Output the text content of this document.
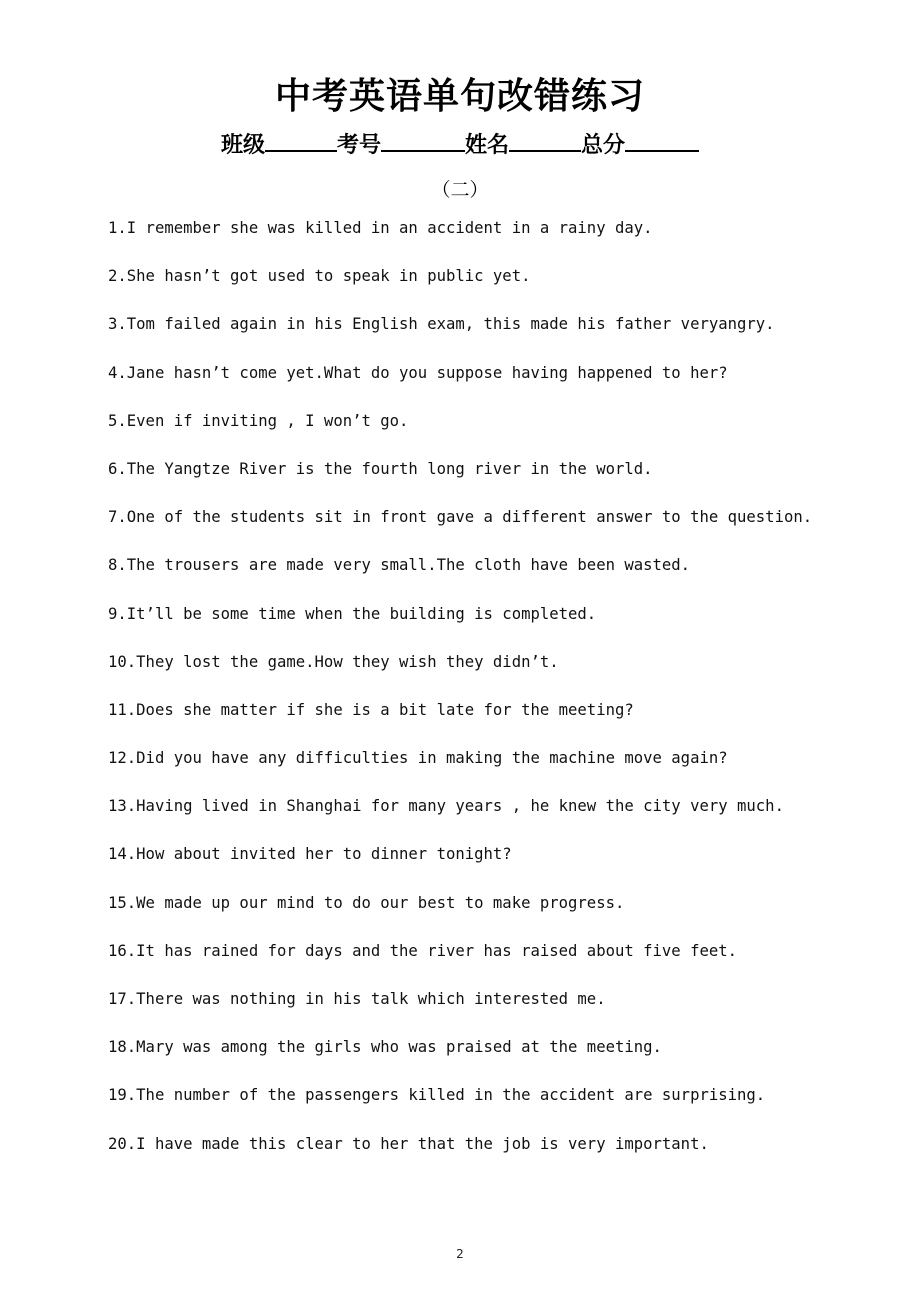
中考英语单句改错练习
班级	考号	姓名	总分
（二）
1.I remember she was killed in an accident in a rainy day.
2.She hasn’t got used to speak in public yet.
3.Tom failed again in his English exam, this made his father veryangry.
4.Jane hasn’t come yet.What do you suppose having happened to her?
5.Even if inviting , I won’t go.
6.The Yangtze River is the fourth long river in the world.
7.One of the students sit in front gave a different answer to the question.
8.The trousers are made very small.The cloth have been wasted.
9.It’ll be some time when the building is completed.
10.They lost the game.How they wish they didn’t.
11.Does she matter if she is a bit late for the meeting?
12.Did you have any difficulties in making the machine move again?
13.Having lived in Shanghai for many years , he knew the city very much.
14.How about invited her to dinner tonight?
15.We made up our mind to do our best to make progress.
16.It has rained for days and the river has raised about five feet.
17.There was nothing in his talk which interested me.
18.Mary was among the girls who was praised at the meeting.
19.The number of the passengers killed in the accident are surprising.
20.I have made this clear to her that the job is very important.
2
